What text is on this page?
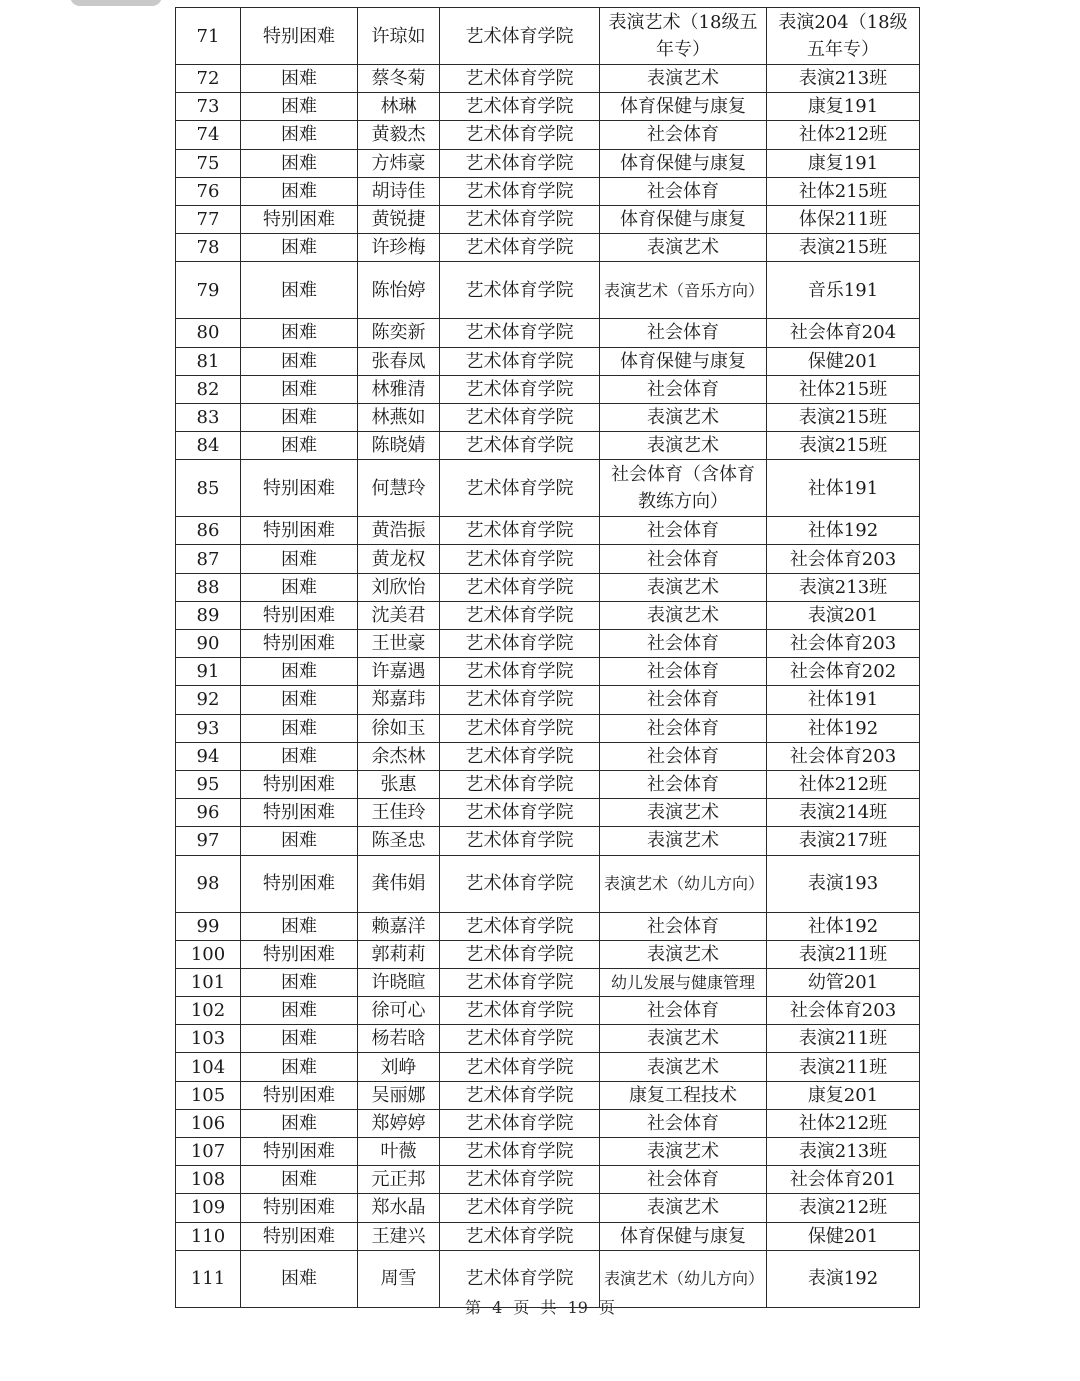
71	特别困难	许琼如	艺术体育学院	表演艺术（18级五年专）	表演204（18级五年专）
72	困难	蔡冬菊	艺术体育学院	表演艺术	表演213班
73	困难	林琳	艺术体育学院	体育保健与康复	康复191
74	困难	黄毅杰	艺术体育学院	社会体育	社体212班
75	困难	方炜豪	艺术体育学院	体育保健与康复	康复191
76	困难	胡诗佳	艺术体育学院	社会体育	社体215班
77	特别困难	黄锐捷	艺术体育学院	体育保健与康复	体保211班
78	困难	许珍梅	艺术体育学院	表演艺术	表演215班
79	困难	陈怡婷	艺术体育学院	表演艺术（音乐方向）	音乐191
80	困难	陈奕新	艺术体育学院	社会体育	社会体育204
81	困难	张春凤	艺术体育学院	体育保健与康复	保健201
82	困难	林雅清	艺术体育学院	社会体育	社体215班
83	困难	林燕如	艺术体育学院	表演艺术	表演215班
84	困难	陈晓婧	艺术体育学院	表演艺术	表演215班
85	特别困难	何慧玲	艺术体育学院	社会体育（含体育教练方向）	社体191
86	特别困难	黄浩振	艺术体育学院	社会体育	社体192
87	困难	黄龙权	艺术体育学院	社会体育	社会体育203
88	困难	刘欣怡	艺术体育学院	表演艺术	表演213班
89	特别困难	沈美君	艺术体育学院	表演艺术	表演201
90	特别困难	王世豪	艺术体育学院	社会体育	社会体育203
91	困难	许嘉遇	艺术体育学院	社会体育	社会体育202
92	困难	郑嘉玮	艺术体育学院	社会体育	社体191
93	困难	徐如玉	艺术体育学院	社会体育	社体192
94	困难	余杰林	艺术体育学院	社会体育	社会体育203
95	特别困难	张惠	艺术体育学院	社会体育	社体212班
96	特别困难	王佳玲	艺术体育学院	表演艺术	表演214班
97	困难	陈圣忠	艺术体育学院	表演艺术	表演217班
98	特别困难	龚伟娟	艺术体育学院	表演艺术（幼儿方向）	表演193
99	困难	赖嘉洋	艺术体育学院	社会体育	社体192
100	特别困难	郭莉莉	艺术体育学院	表演艺术	表演211班
101	困难	许晓暄	艺术体育学院	幼儿发展与健康管理	幼管201
102	困难	徐可心	艺术体育学院	社会体育	社会体育203
103	困难	杨若晗	艺术体育学院	表演艺术	表演211班
104	困难	刘峥	艺术体育学院	表演艺术	表演211班
105	特别困难	吴丽娜	艺术体育学院	康复工程技术	康复201
106	困难	郑婷婷	艺术体育学院	社会体育	社体212班
107	特别困难	叶薇	艺术体育学院	表演艺术	表演213班
108	困难	元正邦	艺术体育学院	社会体育	社会体育201
109	特别困难	郑水晶	艺术体育学院	表演艺术	表演212班
110	特别困难	王建兴	艺术体育学院	体育保健与康复	保健201
111	困难	周雪	艺术体育学院	表演艺术（幼儿方向）	表演192
第 4 页 共 19 页
